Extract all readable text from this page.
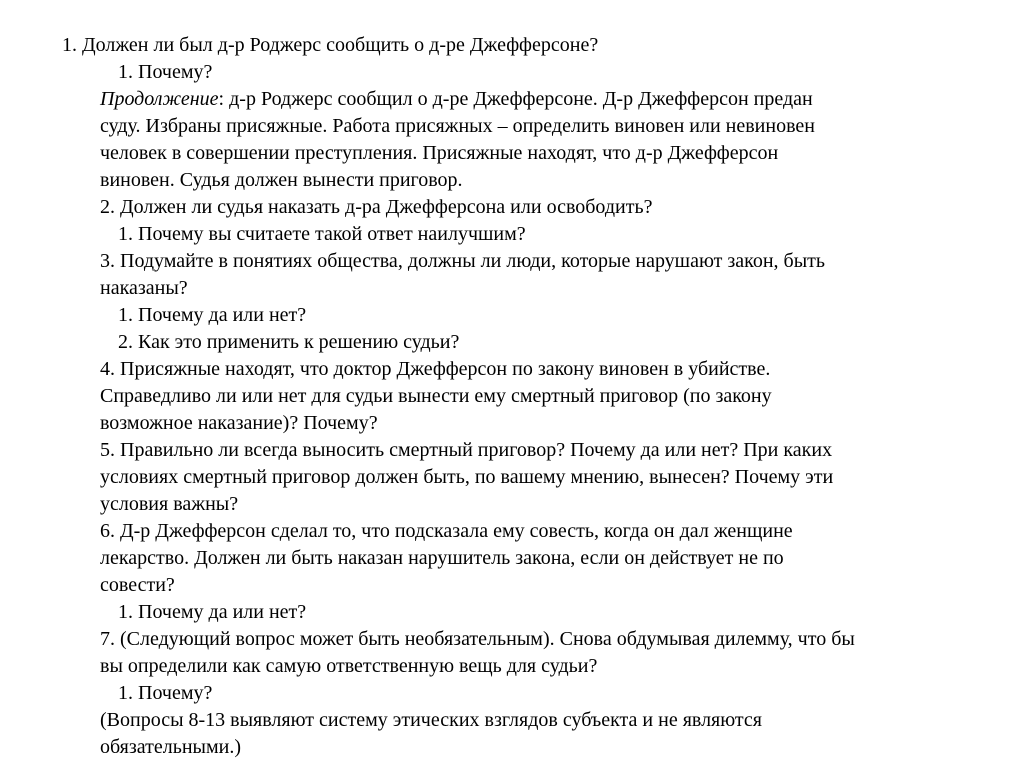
1. Должен ли был д-р Роджерс сообщить о д-ре Джефферсоне?
1. Почему?
Продолжение: д-р Роджерс сообщил о д-ре Джефферсоне. Д-р Джефферсон предан
суду. Избраны присяжные. Работа присяжных – определить виновен или невиновен
человек в совершении преступления. Присяжные находят, что д-р Джефферсон
виновен. Судья должен вынести приговор.
2. Должен ли судья наказать д-ра Джефферсона или освободить?
1. Почему вы считаете такой ответ наилучшим?
3. Подумайте в понятиях общества, должны ли люди, которые нарушают закон, быть
наказаны?
1. Почему да или нет?
2. Как это применить к решению судьи?
4. Присяжные находят, что доктор Джефферсон по закону виновен в убийстве.
Справедливо ли или нет для судьи вынести ему смертный приговор (по закону
возможное наказание)? Почему?
5. Правильно ли всегда выносить смертный приговор? Почему да или нет? При каких
условиях смертный приговор должен быть, по вашему мнению, вынесен? Почему эти
условия важны?
6. Д-р Джефферсон сделал то, что подсказала ему совесть, когда он дал женщине
лекарство. Должен ли быть наказан нарушитель закона, если он действует не по
совести?
1. Почему да или нет?
7. (Следующий вопрос может быть необязательным). Снова обдумывая дилемму, что бы
вы определили как самую ответственную вещь для судьи?
1. Почему?
(Вопросы 8-13 выявляют систему этических взглядов субъекта и не являются
обязательными.)
